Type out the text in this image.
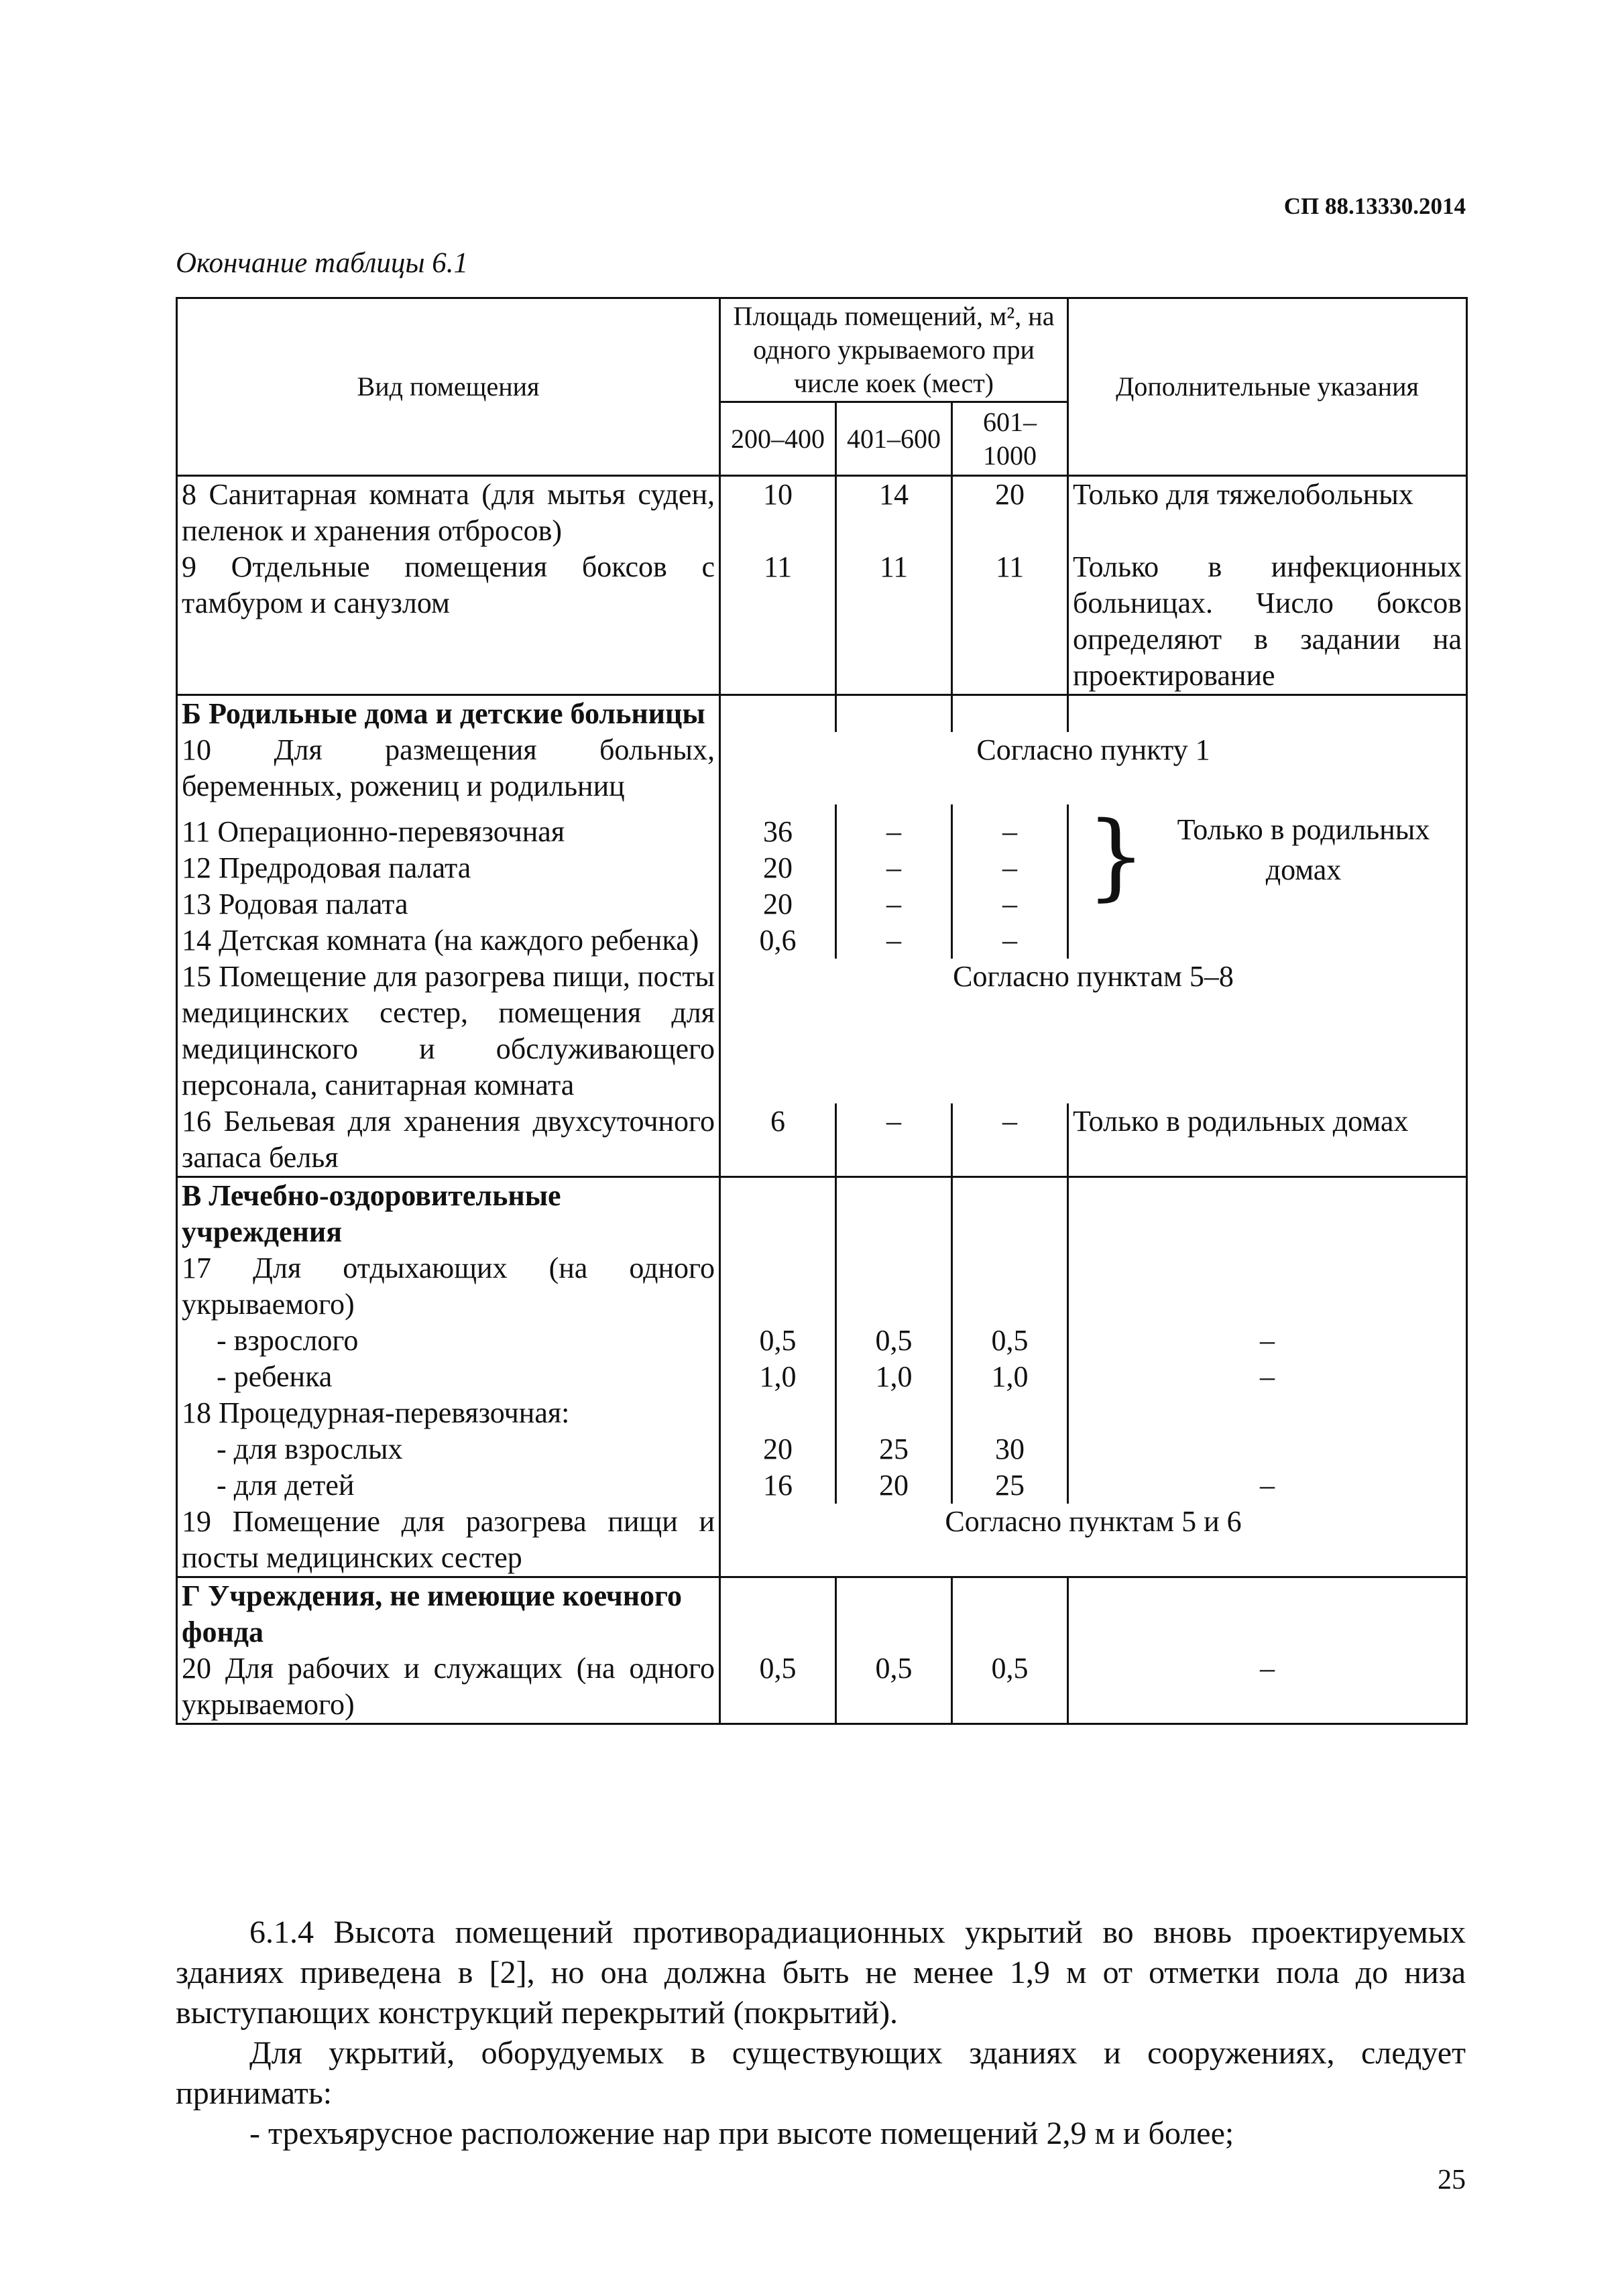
СП 88.13330.2014
Окончание таблицы 6.1
Вид помещения	Площадь помещений, м², на одного укрываемого при числе коек (мест)			Дополнительные указания
	200–400	401–600	601–1000	
8 Санитарная комната (для мытья суден, пеленок и хранения отбросов)	10	14	20	Только для тяжелобольных
9 Отдельные помещения боксов с тамбуром и санузлом	11	11	11	Только в инфекционных больницах. Число боксов определяют в задании на проектирование
Б Родильные дома и детские больницы				
10 Для размещения больных, беременных, рожениц и родильниц	Согласно пункту 1			
11 Операционно-перевязочная	36	–	–	} Только в родильных домах

12 Предродовая палата	20	–	–	
13 Родовая палата	20	–	–	
14 Детская комната (на каждого ребенка)	0,6	–	–	
15 Помещение для разогрева пищи, посты медицинских сестер, помещения для медицинского и обслуживающего персонала, санитарная комната	Согласно пунктам 5–8			
16 Бельевая для хранения двухсуточного запаса белья	6	–	–	Только в родильных домах
В Лечебно-оздоровительные учреждения				
17 Для отдыхающих (на одного укрываемого)				
- взрослого	0,5	0,5	0,5	–
- ребенка	1,0	1,0	1,0	–
18 Процедурная-перевязочная:				
- для взрослых	20	25	30	
- для детей	16	20	25	–
19 Помещение для разогрева пищи и посты медицинских сестер	Согласно пунктам 5 и 6			
Г Учреждения, не имеющие коечного фонда				
20 Для рабочих и служащих (на одного укрываемого)	0,5	0,5	0,5	–

6.1.4 Высота помещений противорадиационных укрытий во вновь проектируемых зданиях приведена в [2], но она должна быть не менее 1,9 м от отметки пола до низа выступающих конструкций перекрытий (покрытий).

Для укрытий, оборудуемых в существующих зданиях и сооружениях, следует принимать:

- трехъярусное расположение нар при высоте помещений 2,9 м и более;

25
